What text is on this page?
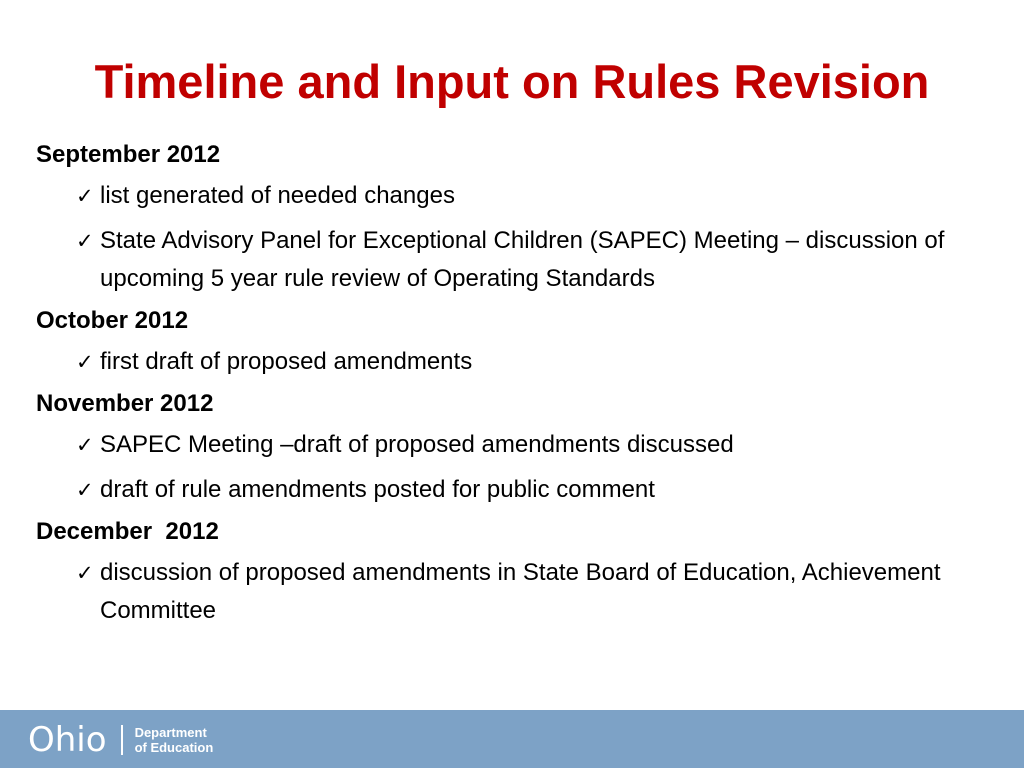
Timeline and Input on Rules Revision
September 2012
✓ list generated of needed changes
✓ State Advisory Panel for Exceptional Children (SAPEC) Meeting – discussion of upcoming 5 year rule review of Operating Standards
October 2012
✓ first draft of proposed amendments
November 2012
✓ SAPEC Meeting –draft of proposed amendments discussed
✓ draft of rule amendments posted for public comment
December  2012
✓ discussion of proposed amendments in State Board of Education, Achievement Committee
Ohio Department
of Education
